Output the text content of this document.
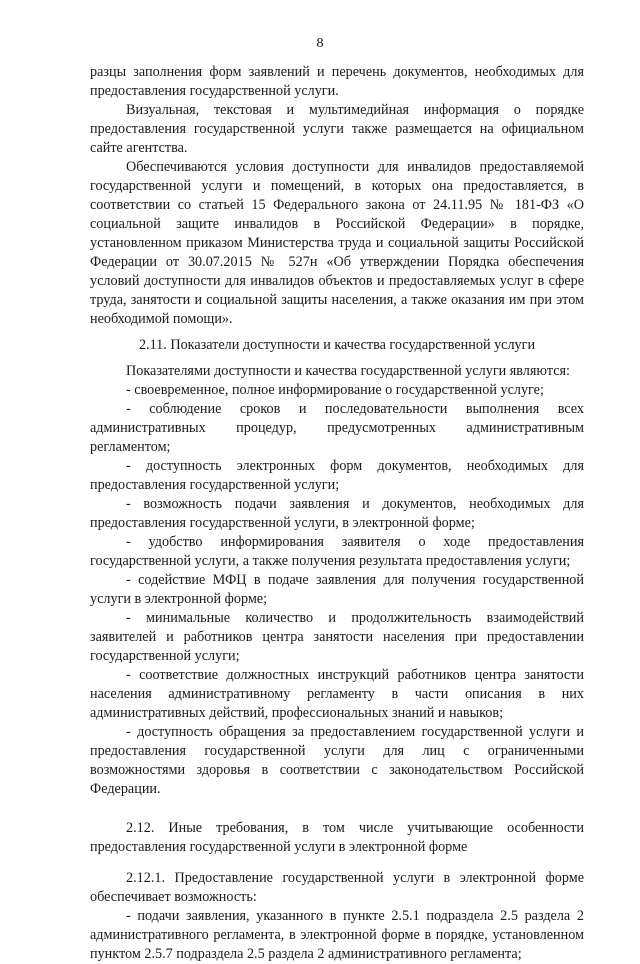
8

разцы заполнения форм заявлений и перечень документов, необходимых для предоставления государственной услуги.

Визуальная, текстовая и мультимедийная информация о порядке предоставления государственной услуги также размещается на официальном сайте агентства.

Обеспечиваются условия доступности для инвалидов предоставляемой государственной услуги и помещений, в которых она предоставляется, в соответствии со статьей 15 Федерального закона от 24.11.95 № 181-ФЗ «О социальной защите инвалидов в Российской Федерации» в порядке, установленном приказом Министерства труда и социальной защиты Российской Федерации от 30.07.2015 № 527н «Об утверждении Порядка обеспечения условий доступности для инвалидов объектов и предоставляемых услуг в сфере труда, занятости и социальной защиты населения, а также оказания им при этом необходимой помощи».

2.11. Показатели доступности и качества государственной услуги

Показателями доступности и качества государственной услуги являются:

- своевременное, полное информирование о государственной услуге;

- соблюдение сроков и последовательности выполнения всех административных процедур, предусмотренных административным регламентом;

- доступность электронных форм документов, необходимых для предоставления государственной услуги;

- возможность подачи заявления и документов, необходимых для предоставления государственной услуги, в электронной форме;

- удобство информирования заявителя о ходе предоставления государственной услуги, а также получения результата предоставления услуги;

- содействие МФЦ в подаче заявления для получения государственной услуги в электронной форме;

- минимальные количество и продолжительность взаимодействий заявителей и работников центра занятости населения при предоставлении государственной услуги;

- соответствие должностных инструкций работников центра занятости населения административному регламенту в части описания в них административных действий, профессиональных знаний и навыков;

- доступность обращения за предоставлением государственной услуги и предоставления государственной услуги для лиц с ограниченными возможностями здоровья в соответствии с законодательством Российской Федерации.

2.12. Иные требования, в том числе учитывающие особенности предоставления государственной услуги в электронной форме

2.12.1. Предоставление государственной услуги в электронной форме обеспечивает возможность:

- подачи заявления, указанного в пункте 2.5.1 подраздела 2.5 раздела 2 административного регламента, в электронной форме в порядке, установленном пунктом 2.5.7 подраздела 2.5 раздела 2 административного регламента;
